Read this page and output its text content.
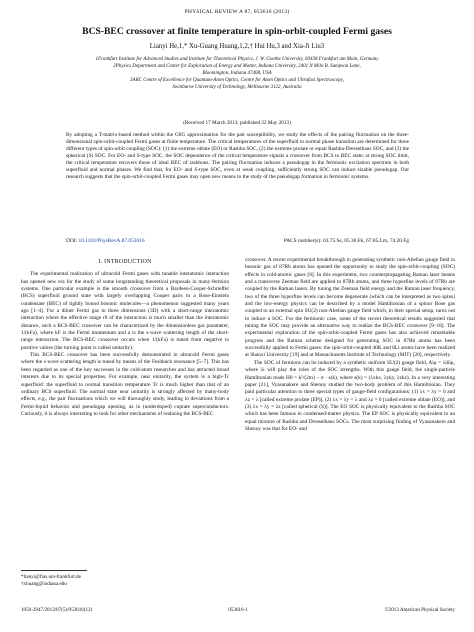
PHYSICAL REVIEW A 87, 053616 (2013)
BCS-BEC crossover at finite temperature in spin-orbit-coupled Fermi gases
Lianyi He,1,* Xu-Guang Huang,1,2,† Hui Hu,3 and Xia-Ji Liu3
1Frankfurt Institute for Advanced Studies and Institute for Theoretical Physics, J. W. Goethe University, 60438 Frankfurt am Main, Germany
2Physics Department and Center for Exploration of Energy and Matter, Indiana University, 2401 N Milo B. Sampson Lane,
Bloomington, Indiana 47408, USA
3ARC Centre of Excellence for Quantum-Atom Optics, Centre for Atom Optics and Ultrafast Spectroscopy,
Swinburne University of Technology, Melbourne 3122, Australia
(Received 17 March 2013; published 22 May 2013)
By adopting a T-matrix-based method within the G0G approximation for the pair susceptibility, we study the effects of the pairing fluctuation on the three-dimensional spin-orbit-coupled Fermi gases at finite temperature. The critical temperatures of the superfluid to normal phase transition are determined for three different types of spin-orbit coupling (SOC): (1) the extreme oblate (EO) or Rashba SOC, (2) the extreme prolate or equal Rashba-Dresselhaus SOC, and (3) the spherical (S) SOC. For EO- and S-type SOC, the SOC dependence of the critical temperature signals a crossover from BCS to BEC state; at strong SOC limit, the critical temperature recovers those of ideal BEC of rashbons. The pairing fluctuation induces a pseudogap in the fermionic excitation spectrum in both superfluid and normal phases. We find that, for EO- and S-type SOC, even at weak coupling, sufficiently strong SOC can induce sizable pseudogap. Our research suggests that the spin-orbit-coupled Fermi gases may open new means to the study of the pseudogap formation in fermionic systems.
DOI: 10.1103/PhysRevA.87.053616	PACS number(s): 03.75.Ss, 05.30.Fk, 67.85.Lm, 74.20.Fg
I. INTRODUCTION

The experimental realization of ultracold Fermi gases with tunable interatomic interaction has opened new era for the study of some longstanding theoretical proposals in many-fermion systems. One particular example is the smooth crossover from a Bardeen-Cooper-Schrieffer (BCS) superfluid ground state with largely overlapping Cooper pairs to a Bose-Einstein condensate (BEC) of tightly bound bosonic molecules—a phenomenon suggested many years ago [1–4]. For a dilute Fermi gas in three dimensions (3D) with a short-range interatomic interaction where the effective range r0 of the interaction is much smaller than the interatomic distance, such a BCS-BEC crossover can be characterized by the dimensionless gas parameter, 1/(kFa), where kF is the Fermi momentum and a is the s-wave scattering length of the short-range interaction. The BCS-BEC crossover occurs when 1/(kFa) is tuned from negative to positive values (the turning point is called unitarity).

This BCS-BEC crossover has been successfully demonstrated in ultracold Fermi gases where the s-wave scattering length is tuned by means of the Feshbach resonance [5–7]. This has been regarded as one of the key successes in the cold-atom researches and has attracted broad interests due to its special properties. For example, near unitarity, the system is a high-Tc superfluid: the superfluid to normal transition temperature Tc is much higher than that of an ordinary BCS superfluid. The normal state near unitarity is strongly affected by many-body effects, e.g., the pair fluctuations which we will thoroughly study, leading to deviations from a Fermi-liquid behavior and pseudogap opening, as in (underdoped) cuprate superconductors. Curiously, it is always interesting to look for other mechanisms of realizing the BCS-BEC

crossover. A recent experimental breakthrough in generating synthetic non-Abelian gauge field in bosonic gas of 87Rb atoms has opened the opportunity to study the spin-orbit-coupling (SOC) effects in cold-atomic gases [8]. In this experiment, two counterpropagating Raman laser beams and a transverse Zeeman field are applied to 87Rb atoms, and three hyperfine levels of 87Rb are coupled by the Raman lasers. By tuning the Zeeman field energy and the Raman laser frequency, two of the three hyperfine levels can become degenerate (which can be interpreted as two spins) and the low-energy physics can be described by a model Hamiltonian of a spinor Bose gas coupled to an external spin SU(2) non-Abelian gauge field which, in their special setup, turns out to induce a SOC. For the fermionic case, some of the recent theoretical results suggested that tuning the SOC may provide an alternative way to realize the BCS-BEC crossover [9–18]. The experimental exploration of the spin-orbit-coupled Fermi gases has also achieved remarkable progress and the Raman scheme designed for generating SOC in 87Rb atoms has been successfully applied to Fermi gases: the spin-orbit-coupled 40K and 6Li atoms have been realized at Shanxi University [19] and at Massachusetts Institute of Technology (MIT) [20], respectively.

The SOC of fermions can be induced by a synthetic uniform SU(2) gauge field, Aiμ = λiδiμ, where λi will play the roles of the SOC strengths. With this gauge field, the single-particle Hamiltonian reads H0 = k²/(2m) − σ · s(k), where s(k) = (λxkx, λyky, λzkz). In a very interesting paper [21], Vyasanakere and Shenoy studied the two-body problem of this Hamiltonian. They paid particular attention to three special types of gauge-field configurations: (1) λx = λy = 0 and λz = λ [called extreme prolate (EP)], (2) λx = λy = λ and λz = 0 [called extreme oblate (EO)], and (3) λx = λy = λz [called spherical (S)]. The EO SOC is physically equivalent to the Rashba SOC which has been famous in condensed-matter physics. The EP SOC is physically equivalent to an equal mixture of Rashba and Dresselhaus SOCs. The most surprising finding of Vyasanakere and Shenoy was that for EO- and

*lianyi@fias.uni-frankfurt.de
†xhuang@indiana.edu
1050-2947/2013/87(5)/053616(12)	053616-1	©2013 American Physical Society
